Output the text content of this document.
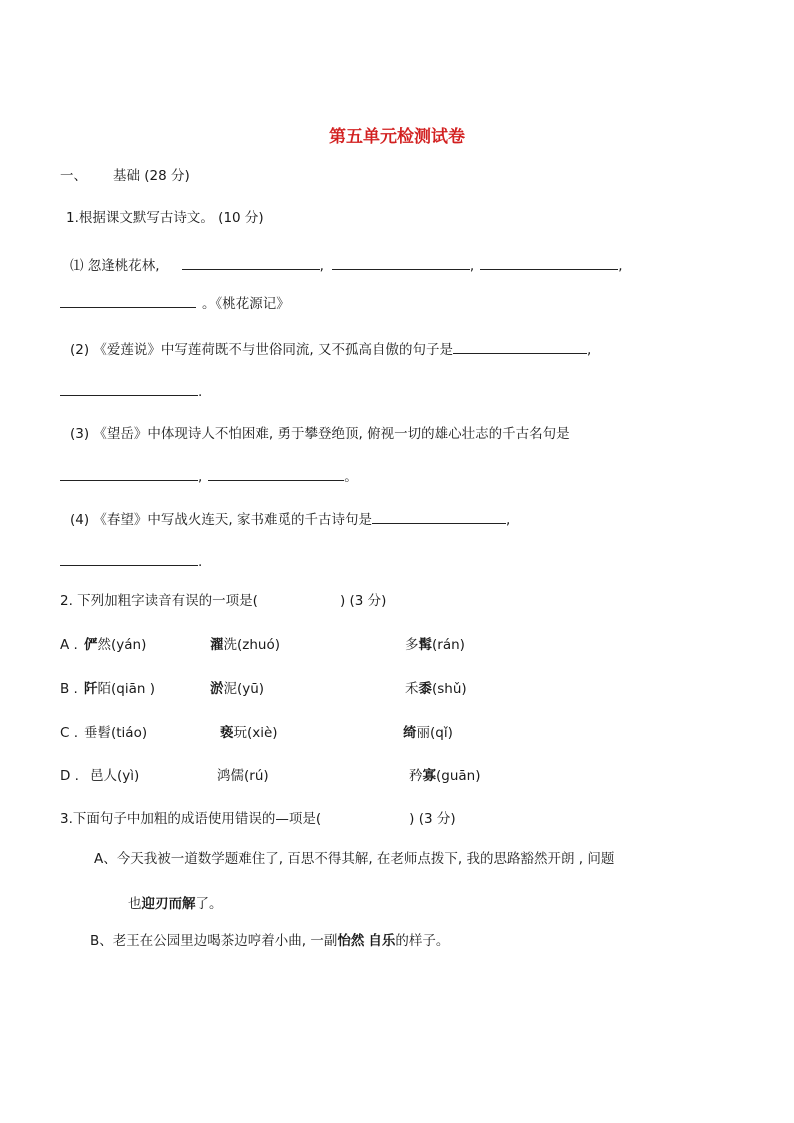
第五单元检测试卷
一、 基础 (28 分)
1.根据课文默写古诗文。 (10 分)
⑴ 忽逢桃花林,	,	,	,
。《桃花源记》
(2) 《爱莲说》中写莲荷既不与世俗同流, 又不孤高自傲的句子是	,
.
(3) 《望岳》中体现诗人不怕困难, 勇于攀登绝顶, 俯视一切的雄心壮志的千古名句是
,	。
(4) 《春望》中写战火连天, 家书难觅的千古诗句是	,
.
2. 下列加粗字读音有误的一项是(	) (3 分)
A . 俨然(yán)	濯洗(zhuó)	多髯(rán)
B . 阡陌(qiān )	淤泥(yū)	禾黍(shǔ)
C . 垂髫(tiáo)	亵玩(xiè)	绮丽(qǐ)
D . 邑人(yì)	鸿儒(rú)	矜寡(guān)
3.下面句子中加粗的成语使用错误的—项是(	) (3 分)
A、今天我被一道数学题难住了, 百思不得其解, 在老师点拨下, 我的思路豁然开朗 , 问题
也迎刃而解了。
B、老王在公园里边喝茶边哼着小曲, 一副怡然 自乐的样子。
